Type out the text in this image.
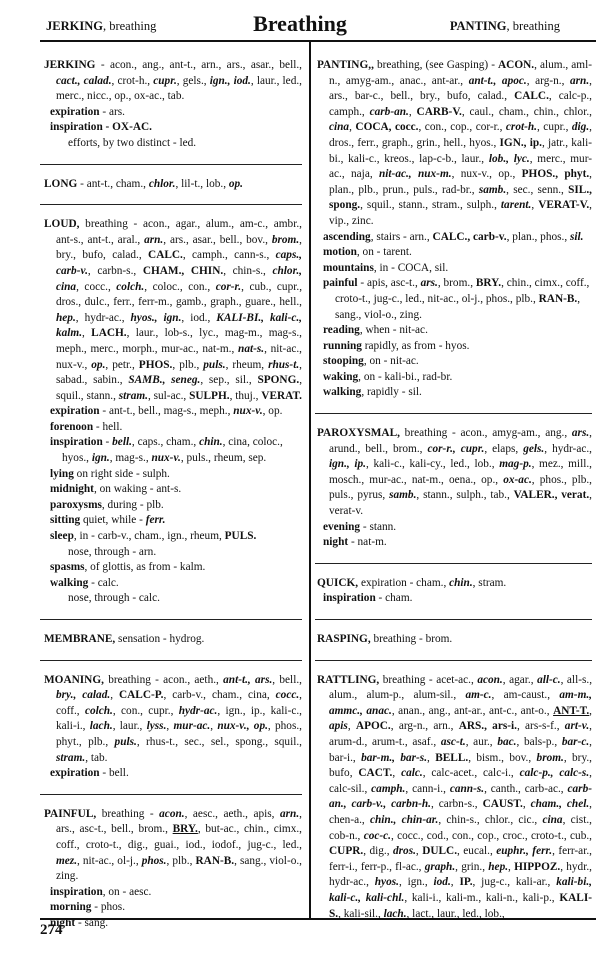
JERKING, breathing	Breathing	PANTING, breathing
274

JERKING - acon., ang., ant-t., arn., ars., asar., bell., cact., calad., crot-h., cupr., gels., ign., iod., laur., led., merc., nicc., op., ox-ac., tab.

expiration - ars.

inspiration - OX-AC.

efforts, by two distinct - led.

LONG - ant-t., cham., chlor., lil-t., lob., op.

LOUD, breathing - acon., agar., alum., am-c., ambr., ant-s., ant-t., aral., arn., ars., asar., bell., bov., brom., bry., bufo, calad., CALC., camph., cann-s., caps., carb-v., carbn-s., CHAM., CHIN., chin-s., chlor., cina, cocc., colch., coloc., con., cor-r., cub., cupr., dros., dulc., ferr., ferr-m., gamb., graph., guare., hell., hep., hydr-ac., hyos., ign., iod., KALI-BI., kali-c., kalm., LACH., laur., lob-s., lyc., mag-m., mag-s., meph., merc., morph., mur-ac., nat-m., nat-s., nit-ac., nux-v., op., petr., PHOS., plb., puls., rheum, rhus-t., sabad., sabin., SAMB., seneg., sep., sil., SPONG., squil., stann., stram., sul-ac., SULPH., thuj., VERAT.

expiration - ant-t., bell., mag-s., meph., nux-v., op.

forenoon - hell.

inspiration - bell., caps., cham., chin., cina, coloc., hyos., ign., mag-s., nux-v., puls., rheum, sep.

lying on right side - sulph.

midnight, on waking - ant-s.

paroxysms, during - plb.

sitting quiet, while - ferr.

sleep, in - carb-v., cham., ign., rheum, PULS.

nose, through - arn.

spasms, of glottis, as from - kalm.

walking - calc.

nose, through - calc.

MEMBRANE, sensation - hydrog.

MOANING, breathing - acon., aeth., ant-t., ars., bell., bry., calad., CALC-P., carb-v., cham., cina, cocc., coff., colch., con., cupr., hydr-ac., ign., ip., kali-c., kali-i., lach., laur., lyss., mur-ac., nux-v., op., phos., phyt., plb., puls., rhus-t., sec., sel., spong., squil., stram., tab.

expiration - bell.

PAINFUL, breathing - acon., aesc., aeth., apis, arn., ars., asc-t., bell., brom., BRY., but-ac., chin., cimx., coff., croto-t., dig., guai., iod., iodof., jug-c., led., mez., nit-ac., ol-j., phos., plb., RAN-B., sang., viol-o., zing.

inspiration, on - aesc.

morning - phos.

night - sang.

PANTING,, breathing, (see Gasping) - ACON., alum., aml-n., amyg-am., anac., ant-ar., ant-t., apoc., arg-n., arn., ars., bar-c., bell., bry., bufo, calad., CALC., calc-p., camph., carb-an., CARB-V., caul., cham., chin., chlor., cina, COCA, cocc., con., cop., cor-r., crot-h., cupr., dig., dros., ferr., graph., grin., hell., hyos., IGN., ip., jatr., kali-bi., kali-c., kreos., lap-c-b., laur., lob., lyc., merc., mur-ac., naja, nit-ac., nux-m., nux-v., op., PHOS., phyt., plan., plb., prun., puls., rad-br., samb., sec., senn., SIL., spong., squil., stann., stram., sulph., tarent., VERAT-V., vip., zinc.

ascending, stairs - arn., CALC., carb-v., plan., phos., sil.

motion, on - tarent.

mountains, in - COCA, sil.

painful - apis, asc-t., ars., brom., BRY., chin., cimx., coff., croto-t., jug-c., led., nit-ac., ol-j., phos., plb., RAN-B., sang., viol-o., zing.

reading, when - nit-ac.

running rapidly, as from - hyos.

stooping, on - nit-ac.

waking, on - kali-bi., rad-br.

walking, rapidly - sil.

PAROXYSMAL, breathing - acon., amyg-am., ang., ars., arund., bell., brom., cor-r., cupr., elaps, gels., hydr-ac., ign., ip., kali-c., kali-cy., led., lob., mag-p., mez., mill., mosch., mur-ac., nat-m., oena., op., ox-ac., phos., plb., puls., pyrus, samb., stann., sulph., tab., VALER., verat., verat-v.

evening - stann.

night - nat-m.

QUICK, expiration - cham., chin., stram.

inspiration - cham.

RASPING, breathing - brom.

RATTLING, breathing - acet-ac., acon., agar., all-c., all-s., alum., alum-p., alum-sil., am-c., am-caust., am-m., ammc., anac., anan., ang., ant-ar., ant-c., ant-o., ANT-T., apis, APOC., arg-n., arn., ARS., ars-i., ars-s-f., art-v., arum-d., arum-t., asaf., asc-t., aur., bac., bals-p., bar-c., bar-i., bar-m., bar-s., BELL., bism., bov., brom., bry., bufo, CACT., calc., calc-acet., calc-i., calc-p., calc-s., calc-sil., camph., cann-i., cann-s., canth., carb-ac., carb-an., carb-v., carbn-h., carbn-s., CAUST., cham., chel., chen-a., chin., chin-ar., chin-s., chlor., cic., cina, cist., cob-n., coc-c., cocc., cod., con., cop., croc., croto-t., cub., CUPR., dig., dros., DULC., eucal., euphr., ferr., ferr-ar., ferr-i., ferr-p., fl-ac., graph., grin., hep., HIPPOZ., hydr., hydr-ac., hyos., ign., iod., IP., jug-c., kali-ar., kali-bi., kali-c., kali-chl., kali-i., kali-m., kali-n., kali-p., KALI-S., kali-sil., lach., lact., laur., led., lob.,
